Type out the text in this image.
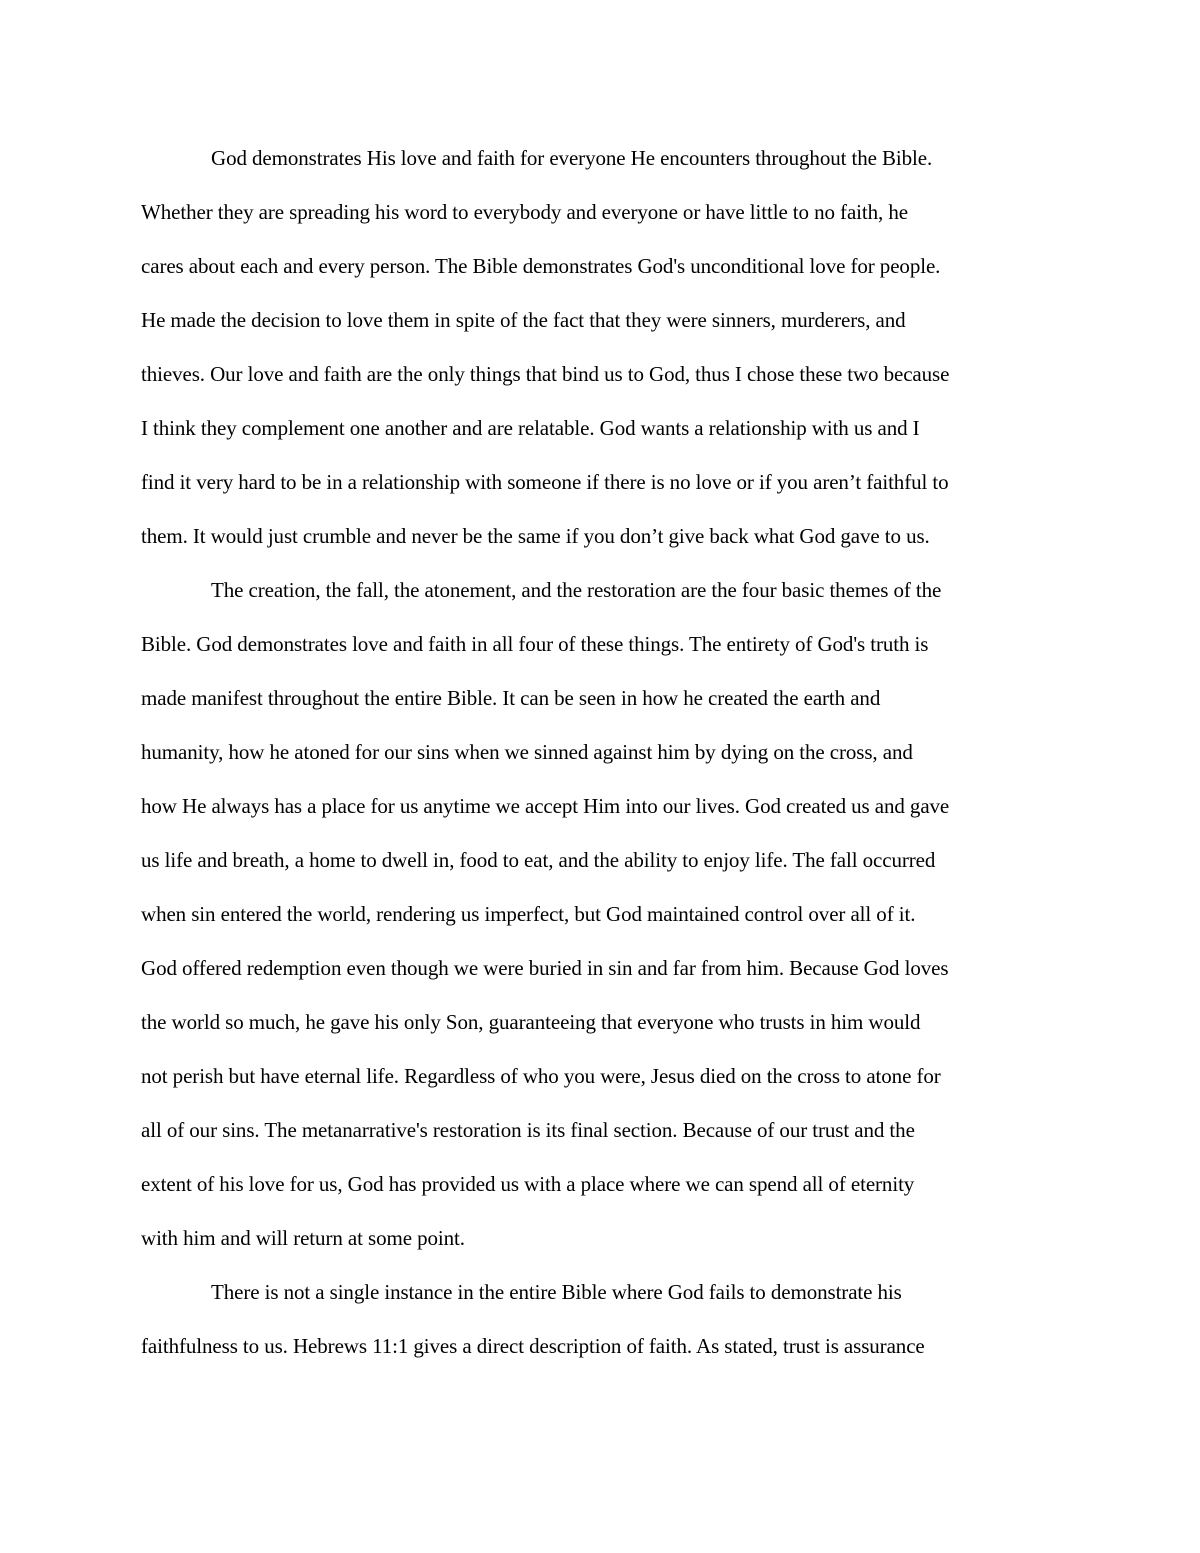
God demonstrates His love and faith for everyone He encounters throughout the Bible.
Whether they are spreading his word to everybody and everyone or have little to no faith, he
cares about each and every person. The Bible demonstrates God's unconditional love for people.
He made the decision to love them in spite of the fact that they were sinners, murderers, and
thieves. Our love and faith are the only things that bind us to God, thus I chose these two because
I think they complement one another and are relatable. God wants a relationship with us and I
find it very hard to be in a relationship with someone if there is no love or if you aren’t faithful to
them. It would just crumble and never be the same if you don’t give back what God gave to us.
The creation, the fall, the atonement, and the restoration are the four basic themes of the
Bible. God demonstrates love and faith in all four of these things. The entirety of God's truth is
made manifest throughout the entire Bible. It can be seen in how he created the earth and
humanity, how he atoned for our sins when we sinned against him by dying on the cross, and
how He always has a place for us anytime we accept Him into our lives. God created us and gave
us life and breath, a home to dwell in, food to eat, and the ability to enjoy life. The fall occurred
when sin entered the world, rendering us imperfect, but God maintained control over all of it.
God offered redemption even though we were buried in sin and far from him. Because God loves
the world so much, he gave his only Son, guaranteeing that everyone who trusts in him would
not perish but have eternal life. Regardless of who you were, Jesus died on the cross to atone for
all of our sins. The metanarrative's restoration is its final section. Because of our trust and the
extent of his love for us, God has provided us with a place where we can spend all of eternity
with him and will return at some point.
There is not a single instance in the entire Bible where God fails to demonstrate his
faithfulness to us. Hebrews 11:1 gives a direct description of faith. As stated, trust is assurance
